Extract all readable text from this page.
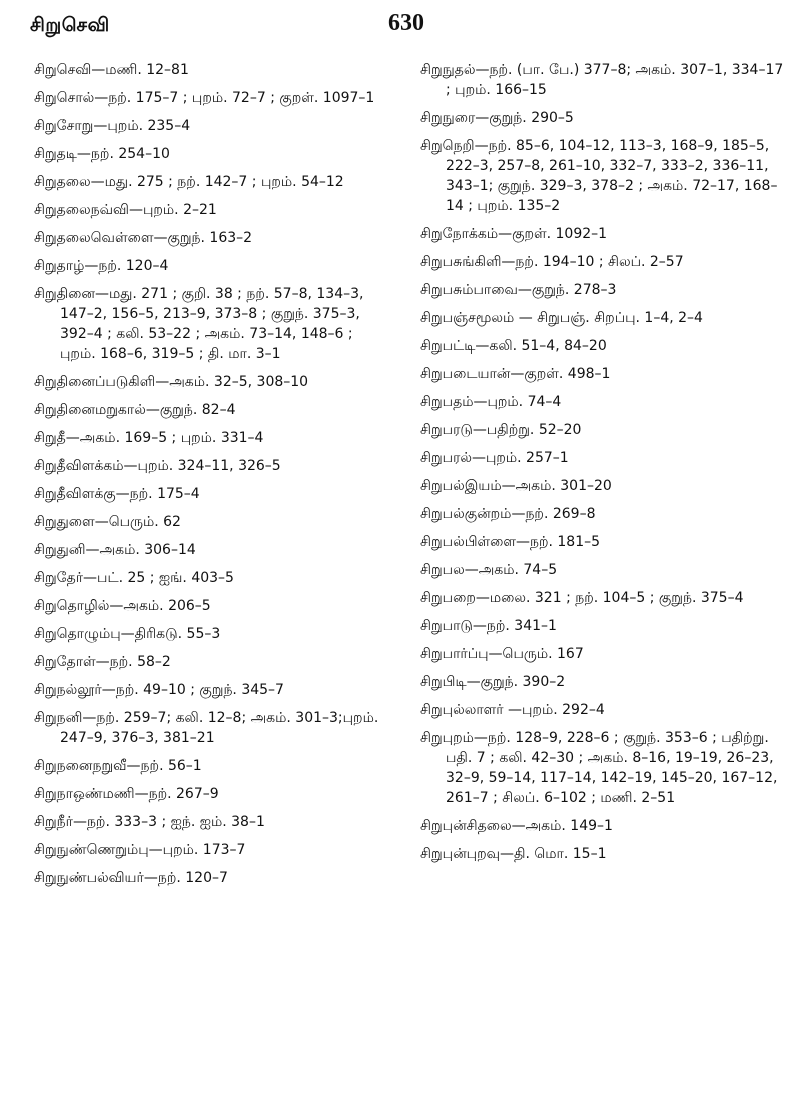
சிறுசெவி	630
சிறுசெவி—மணி. 12–81
சிறுசொல்—நற். 175–7 ; புறம். 72–7 ; குறள். 1097–1
சிறுசோறு—புறம். 235–4
சிறுதடி—நற். 254–10
சிறுதலை—மது. 275 ; நற். 142–7 ; புறம். 54–12
சிறுதலைநவ்வி—புறம். 2–21
சிறுதலைவெள்ளை—குறுந். 163–2
சிறுதாழ்—நற். 120–4
சிறுதினை—மது. 271 ; குறி. 38 ; நற். 57–8, 134–3, 147–2, 156–5, 213–9, 373–8 ; குறுந். 375–3, 392–4 ; கலி. 53–22 ; அகம். 73–14, 148–6 ; புறம். 168–6, 319–5 ; தி. மா. 3–1
சிறுதினைப்படுகிளி—அகம். 32–5, 308–10
சிறுதினைமறுகால்—குறுந். 82–4
சிறுதீ—அகம். 169–5 ; புறம். 331–4
சிறுதீவிளக்கம்—புறம். 324–11, 326–5
சிறுதீவிளக்கு—நற். 175–4
சிறுதுளை—பெரும். 62
சிறுதுனி—அகம். 306–14
சிறுதேர்—பட். 25 ; ஐங். 403–5
சிறுதொழில்—அகம். 206–5
சிறுதொழும்பு—திரிகடு. 55–3
சிறுதோள்—நற். 58–2
சிறுநல்லூர்—நற். 49–10 ; குறுந். 345–7
சிறுநனி—நற். 259–7; கலி. 12–8; அகம். 301–3;புறம். 247–9, 376–3, 381–21
சிறுநனைநறுவீ—நற். 56–1
சிறுநாஒண்மணி—நற். 267–9
சிறுநீர்—நற். 333–3 ; ஐந். ஐம். 38–1
சிறுநுண்ணெறும்பு—புறம். 173–7
சிறுநுண்பல்வியர்—நற். 120–7
சிறுநுதல்—நற். (பா. பே.) 377–8; அகம். 307–1, 334–17 ; புறம். 166–15
சிறுநுரை—குறுந். 290–5
சிறுநெறி—நற். 85–6, 104–12, 113–3, 168–9, 185–5, 222–3, 257–8, 261–10, 332–7, 333–2, 336–11, 343–1; குறுந். 329–3, 378–2 ; அகம். 72–17, 168–14 ; புறம். 135–2
சிறுநோக்கம்—குறள். 1092–1
சிறுபசுங்கிளி—நற். 194–10 ; சிலப். 2–57
சிறுபசும்பாவை—குறுந். 278–3
சிறுபஞ்சமூலம் — சிறுபஞ். சிறப்பு. 1–4, 2–4
சிறுபட்டி—கலி. 51–4, 84–20
சிறுபடையான்—குறள். 498–1
சிறுபதம்—புறம். 74–4
சிறுபரடு—பதிற்று. 52–20
சிறுபரல்—புறம். 257–1
சிறுபல்இயம்—அகம். 301–20
சிறுபல்குன்றம்—நற். 269–8
சிறுபல்பிள்ளை—நற். 181–5
சிறுபல—அகம். 74–5
சிறுபறை—மலை. 321 ; நற். 104–5 ; குறுந். 375–4
சிறுபாடு—நற். 341–1
சிறுபார்ப்பு—பெரும். 167
சிறுபிடி—குறுந். 390–2
சிறுபுல்லாளர் —புறம். 292–4
சிறுபுறம்—நற். 128–9, 228–6 ; குறுந். 353–6 ; பதிற்று. பதி. 7 ; கலி. 42–30 ; அகம். 8–16, 19–19, 26–23, 32–9, 59–14, 117–14, 142–19, 145–20, 167–12, 261–7 ; சிலப். 6–102 ; மணி. 2–51
சிறுபுன்சிதலை—அகம். 149–1
சிறுபுன்புறவு—தி. மொ. 15–1
